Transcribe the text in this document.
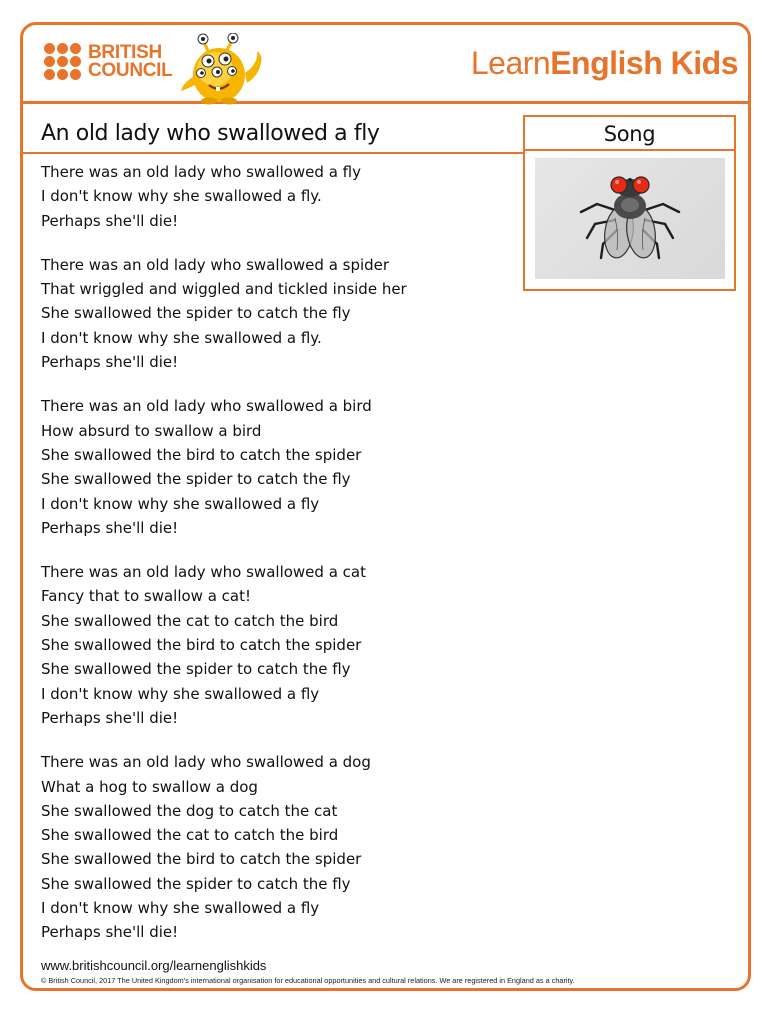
BRITISH
COUNCIL	LearnEnglish Kids
An old lady who swallowed a fly	Song

There was an old lady who swallowed a fly

I don't know why she swallowed a fly.

Perhaps she'll die!

There was an old lady who swallowed a spider

That wriggled and wiggled and tickled inside her

She swallowed the spider to catch the fly

I don't know why she swallowed a fly.

Perhaps she'll die!

There was an old lady who swallowed a bird

How absurd to swallow a bird

She swallowed the bird to catch the spider

She swallowed the spider to catch the fly

I don't know why she swallowed a fly

Perhaps she'll die!

There was an old lady who swallowed a cat

Fancy that to swallow a cat!

She swallowed the cat to catch the bird

She swallowed the bird to catch the spider

She swallowed the spider to catch the fly

I don't know why she swallowed a fly

Perhaps she'll die!

There was an old lady who swallowed a dog

What a hog to swallow a dog

She swallowed the dog to catch the cat

She swallowed the cat to catch the bird

She swallowed the bird to catch the spider

She swallowed the spider to catch the fly

I don't know why she swallowed a fly

Perhaps she'll die!

www.britishcouncil.org/learnenglishkids
© British Council, 2017 The United Kingdom's international organisation for educational opportunities and cultural relations. We are registered in England as a charity.
